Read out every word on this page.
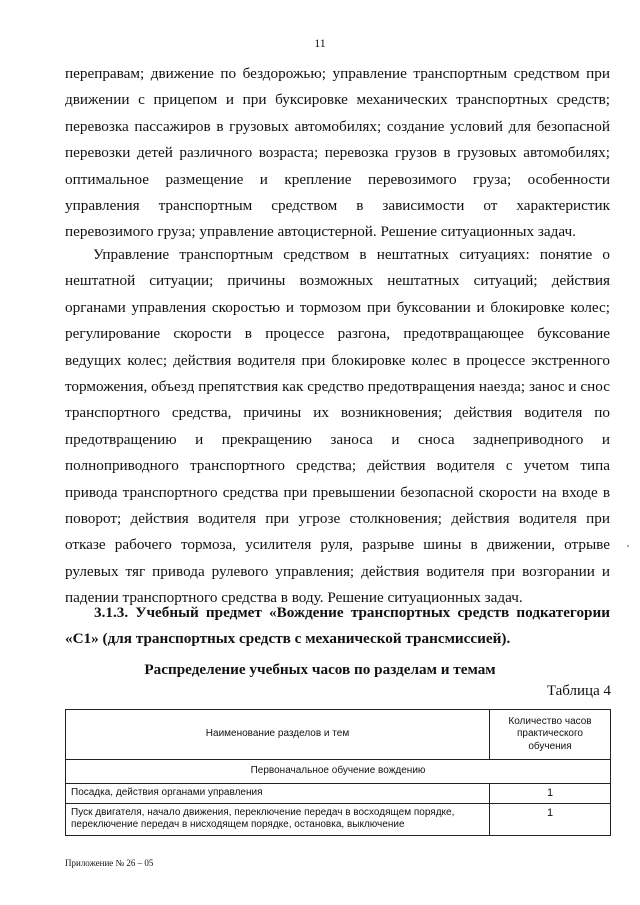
11

переправам; движение по бездорожью; управление транспортным средством при движении с прицепом и при буксировке механических транспортных средств; перевозка пассажиров в грузовых автомобилях; создание условий для безопасной перевозки детей различного возраста; перевозка грузов в грузовых автомобилях; оптимальное размещение и крепление перевозимого груза; особенности управления транспортным средством в зависимости от характеристик перевозимого груза; управление автоцистерной. Решение ситуационных задач.

Управление транспортным средством в нештатных ситуациях: понятие о нештатной ситуации; причины возможных нештатных ситуаций; действия органами управления скоростью и тормозом при буксовании и блокировке колес; регулирование скорости в процессе разгона, предотвращающее буксование ведущих колес; действия водителя при блокировке колес в процессе экстренного торможения, объезд препятствия как средство предотвращения наезда; занос и снос транспортного средства, причины их возникновения; действия водителя по предотвращению и прекращению заноса и сноса заднеприводного и полноприводного транспортного средства; действия водителя с учетом типа привода транспортного средства при превышении безопасной скорости на входе в поворот; действия водителя при угрозе столкновения; действия водителя при отказе рабочего тормоза, усилителя руля, разрыве шины в движении, отрыве рулевых тяг привода рулевого управления; действия водителя при возгорании и падении транспортного средства в воду. Решение ситуационных задач.

3.1.3. Учебный предмет «Вождение транспортных средств подкатегории «С1» (для транспортных средств с механической трансмиссией).

Распределение учебных часов по разделам и темам
Таблица 4
Наименование разделов и тем	Количество часов практического обучения
Первоначальное обучение вождению	
Посадка, действия органами управления	1
Пуск двигателя, начало движения, переключение передач в восходящем порядке, переключение передач в нисходящем порядке, остановка, выключение	1
Приложение № 26 – 05
